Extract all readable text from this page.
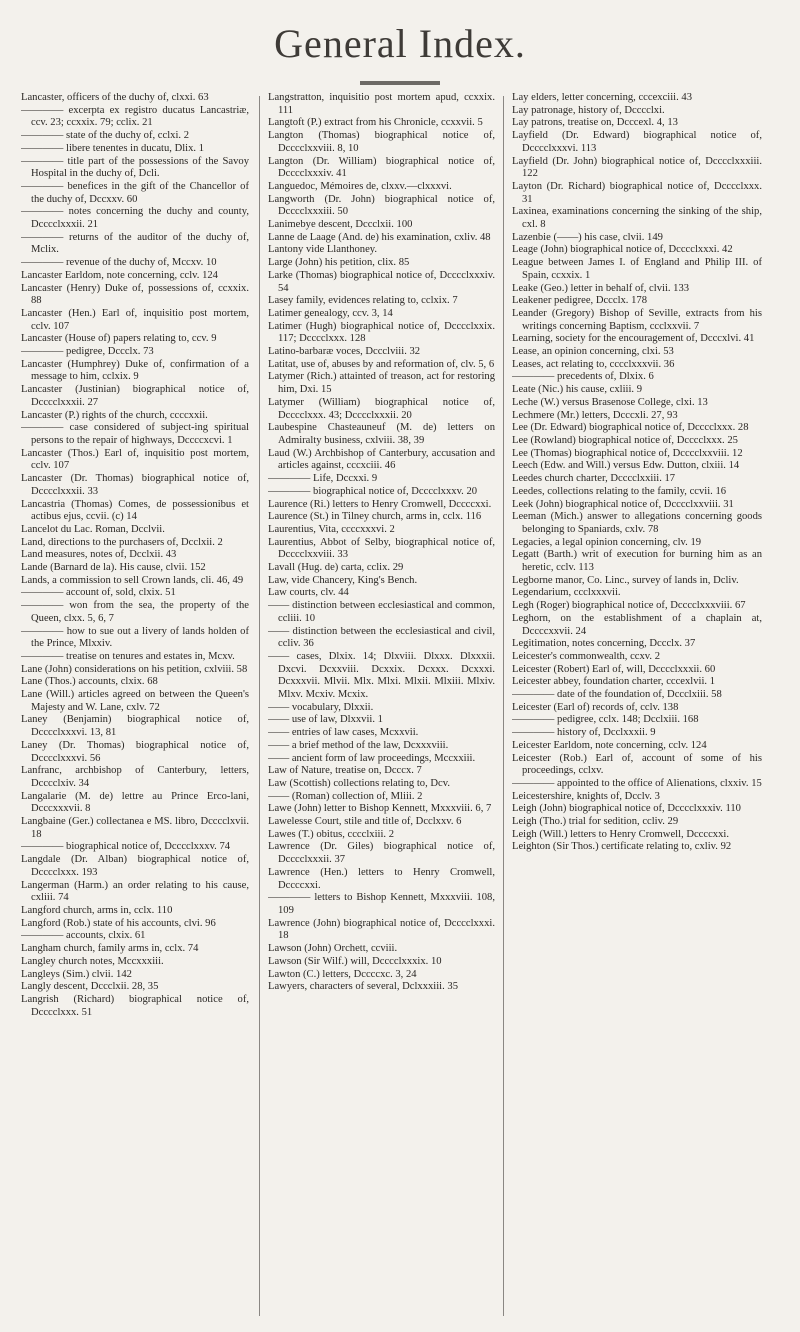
General Index.

Lancaster, officers of the duchy of, clxxi. 63

———— excerpta ex registro ducatus Lancastriæ, ccv. 23; ccxxix. 79; cclix. 21

———— state of the duchy of, cclxi. 2

———— libere tenentes in ducatu, Dlix. 1

———— title part of the possessions of the Savoy Hospital in the duchy of, Dcli.

———— benefices in the gift of the Chancellor of the duchy of, Dccxxv. 60

———— notes concerning the duchy and county, Dcccclxxxii. 21

———— returns of the auditor of the duchy of, Mclix.

———— revenue of the duchy of, Mccxv. 10

Lancaster Earldom, note concerning, cclv. 124

Lancaster (Henry) Duke of, possessions of, ccxxix. 88

Lancaster (Hen.) Earl of, inquisitio post mortem, cclv. 107

Lancaster (House of) papers relating to, ccv. 9

———— pedigree, Dccclx. 73

Lancaster (Humphrey) Duke of, confirmation of a message to him, cclxix. 9

Lancaster (Justinian) biographical notice of, Dcccclxxxii. 27

Lancaster (P.) rights of the church, ccccxxii.

———— case considered of subject-ing spiritual persons to the repair of highways, Dccccxcvi. 1

Lancaster (Thos.) Earl of, inquisitio post mortem, cclv. 107

Lancaster (Dr. Thomas) biographical notice of, Dcccclxxxii. 33

Lancastria (Thomas) Comes, de possessionibus et actibus ejus, ccvii. (c) 14

Lancelot du Lac. Roman, Dcclvii.

Land, directions to the purchasers of, Dcclxii. 2

Land measures, notes of, Dcclxii. 43

Lande (Barnard de la). His cause, clvii. 152

Lands, a commission to sell Crown lands, cli. 46, 49

———— account of, sold, clxix. 51

———— won from the sea, the property of the Queen, clxx. 5, 6, 7

———— how to sue out a livery of lands holden of the Prince, Mlxxiv.

———— treatise on tenures and estates in, Mcxv.

Lane (John) considerations on his petition, cxlviii. 58

Lane (Thos.) accounts, clxix. 68

Lane (Will.) articles agreed on between the Queen's Majesty and W. Lane, cxlv. 72

Laney (Benjamin) biographical notice of, Dcccclxxxvi. 13, 81

Laney (Dr. Thomas) biographical notice of, Dcccclxxxvi. 56

Lanfranc, archbishop of Canterbury, letters, Dcccclxiv. 34

Langalarie (M. de) lettre au Prince Erco-lani, Dcccxxxvii. 8

Langbaine (Ger.) collectanea e MS. libro, Dcccclxvii. 18

———— biographical notice of, Dcccclxxxv. 74

Langdale (Dr. Alban) biographical notice of, Dcccclxxx. 193

Langerman (Harm.) an order relating to his cause, cxliii. 74

Langford church, arms in, cclx. 110

Langford (Rob.) state of his accounts, clvi. 96

———— accounts, clxix. 61

Langham church, family arms in, cclx. 74

Langley church notes, Mccxxxiii.

Langleys (Sim.) clvii. 142

Langly descent, Dccclxii. 28, 35

Langrish (Richard) biographical notice of, Dcccclxxx. 51

Langstratton, inquisitio post mortem apud, ccxxix. 111

Langtoft (P.) extract from his Chronicle, ccxxvii. 5

Langton (Thomas) biographical notice of, Dcccclxxviii. 8, 10

Langton (Dr. William) biographical notice of, Dcccclxxxiv. 41

Languedoc, Mémoires de, clxxv.—clxxxvi.

Langworth (Dr. John) biographical notice of, Dcccclxxxiii. 50

Lanimebye descent, Dccclxii. 100

Lanne de Laage (And. de) his examination, cxliv. 48

Lantony vide Llanthoney.

Large (John) his petition, clix. 85

Larke (Thomas) biographical notice of, Dcccclxxxiv. 54

Lasey family, evidences relating to, cclxix. 7

Latimer genealogy, ccv. 3, 14

Latimer (Hugh) biographical notice of, Dcccclxxix. 117; Dcccclxxx. 128

Latino-barbaræ voces, Dccclviii. 32

Latitat, use of, abuses by and reformation of, clv. 5, 6

Latymer (Rich.) attainted of treason, act for restoring him, Dxi. 15

Latymer (William) biographical notice of, Dcccclxxx. 43; Dcccclxxxii. 20

Laubespine Chasteauneuf (M. de) letters on Admiralty business, cxlviii. 38, 39

Laud (W.) Archbishop of Canterbury, accusation and articles against, cccxciii. 46

———— Life, Dccxxi. 9

———— biographical notice of, Dcccclxxxv. 20

Laurence (Ri.) letters to Henry Cromwell, Dccccxxi.

Laurence (St.) in Tilney church, arms in, cclx. 116

Laurentius, Vita, ccccxxxvi. 2

Laurentius, Abbot of Selby, biographical notice of, Dcccclxxviii. 33

Lavall (Hug. de) carta, cclix. 29

Law, vide Chancery, King's Bench.

Law courts, clv. 44

—— distinction between ecclesiastical and common, ccliii. 10

—— distinction between the ecclesiastical and civil, ccliv. 36

—— cases, Dlxix. 14; Dlxviii. Dlxxx. Dlxxxii. Dxcvi. Dcxxviii. Dcxxix. Dcxxx. Dcxxxi. Dcxxxvii. Mlvii. Mlx. Mlxi. Mlxii. Mlxiii. Mlxiv. Mlxv. Mcxiv. Mcxix.

—— vocabulary, Dlxxii.

—— use of law, Dlxxvii. 1

—— entries of law cases, Mcxxvii.

—— a brief method of the law, Dcxxxviii.

—— ancient form of law proceedings, Mccxxiii.

Law of Nature, treatise on, Dcccx. 7

Law (Scottish) collections relating to, Dcv.

—— (Roman) collection of, Mliii. 2

Lawe (John) letter to Bishop Kennett, Mxxxviii. 6, 7

Lawelesse Court, stile and title of, Dcclxxv. 6

Lawes (T.) obitus, cccclxiii. 2

Lawrence (Dr. Giles) biographical notice of, Dcccclxxxii. 37

Lawrence (Hen.) letters to Henry Cromwell, Dccccxxi.

———— letters to Bishop Kennett, Mxxxviii. 108, 109

Lawrence (John) biographical notice of, Dcccclxxxi. 18

Lawson (John) Orchett, ccviii.

Lawson (Sir Wilf.) will, Dcccclxxxix. 10

Lawton (C.) letters, Dccccxc. 3, 24

Lawyers, characters of several, Dclxxxiii. 35

Lay elders, letter concerning, cccexciii. 43

Lay patronage, history of, Dcccclxi.

Lay patrons, treatise on, Dcccexl. 4, 13

Layfield (Dr. Edward) biographical notice of, Dcccclxxxvi. 113

Layfield (Dr. John) biographical notice of, Dcccclxxxiii. 122

Layton (Dr. Richard) biographical notice of, Dcccclxxx. 31

Laxinea, examinations concerning the sinking of the ship, cxl. 8

Lazenbie (——) his case, clvii. 149

Leage (John) biographical notice of, Dcccclxxxi. 42

League between James I. of England and Philip III. of Spain, ccxxix. 1

Leake (Geo.) letter in behalf of, clvii. 133

Leakener pedigree, Dccclx. 178

Leander (Gregory) Bishop of Seville, extracts from his writings concerning Baptism, ccclxxvii. 7

Learning, society for the encouragement of, Dcccxlvi. 41

Lease, an opinion concerning, clxi. 53

Leases, act relating to, cccclxxxvii. 36

———— precedents of, Dlxix. 6

Leate (Nic.) his cause, cxliii. 9

Leche (W.) versus Brasenose College, clxi. 13

Lechmere (Mr.) letters, Dcccxli. 27, 93

Lee (Dr. Edward) biographical notice of, Dcccclxxx. 28

Lee (Rowland) biographical notice of, Dcccclxxx. 25

Lee (Thomas) biographical notice of, Dcccclxxviii. 12

Leech (Edw. and Will.) versus Edw. Dutton, clxiii. 14

Leedes church charter, Dcccclxxiii. 17

Leedes, collections relating to the family, ccvii. 16

Leek (John) biographical notice of, Dcccclxxviii. 31

Leeman (Mich.) answer to allegations concerning goods belonging to Spaniards, cxlv. 78

Legacies, a legal opinion concerning, clv. 19

Legatt (Barth.) writ of execution for burning him as an heretic, cclv. 113

Legborne manor, Co. Linc., survey of lands in, Dcliv.

Legendarium, ccclxxxvii.

Legh (Roger) biographical notice of, Dcccclxxxviii. 67

Leghorn, on the establishment of a chaplain at, Dccccxxvii. 24

Legitimation, notes concerning, Dccclx. 37

Leicester's commonwealth, ccxv. 2

Leicester (Robert) Earl of, will, Dcccclxxxii. 60

Leicester abbey, foundation charter, cccexlvii. 1

———— date of the foundation of, Dccclxiii. 58

Leicester (Earl of) records of, cclv. 138

———— pedigree, cclx. 148; Dcclxiii. 168

———— history of, Dcclxxxii. 9

Leicester Earldom, note concerning, cclv. 124

Leicester (Rob.) Earl of, account of some of his proceedings, cclxv.

———— appointed to the office of Alienations, clxxiv. 15

Leicestershire, knights of, Dcclv. 3

Leigh (John) biographical notice of, Dcccclxxxiv. 110

Leigh (Tho.) trial for sedition, ccliv. 29

Leigh (Will.) letters to Henry Cromwell, Dccccxxi.

Leighton (Sir Thos.) certificate relating to, cxliv. 92
